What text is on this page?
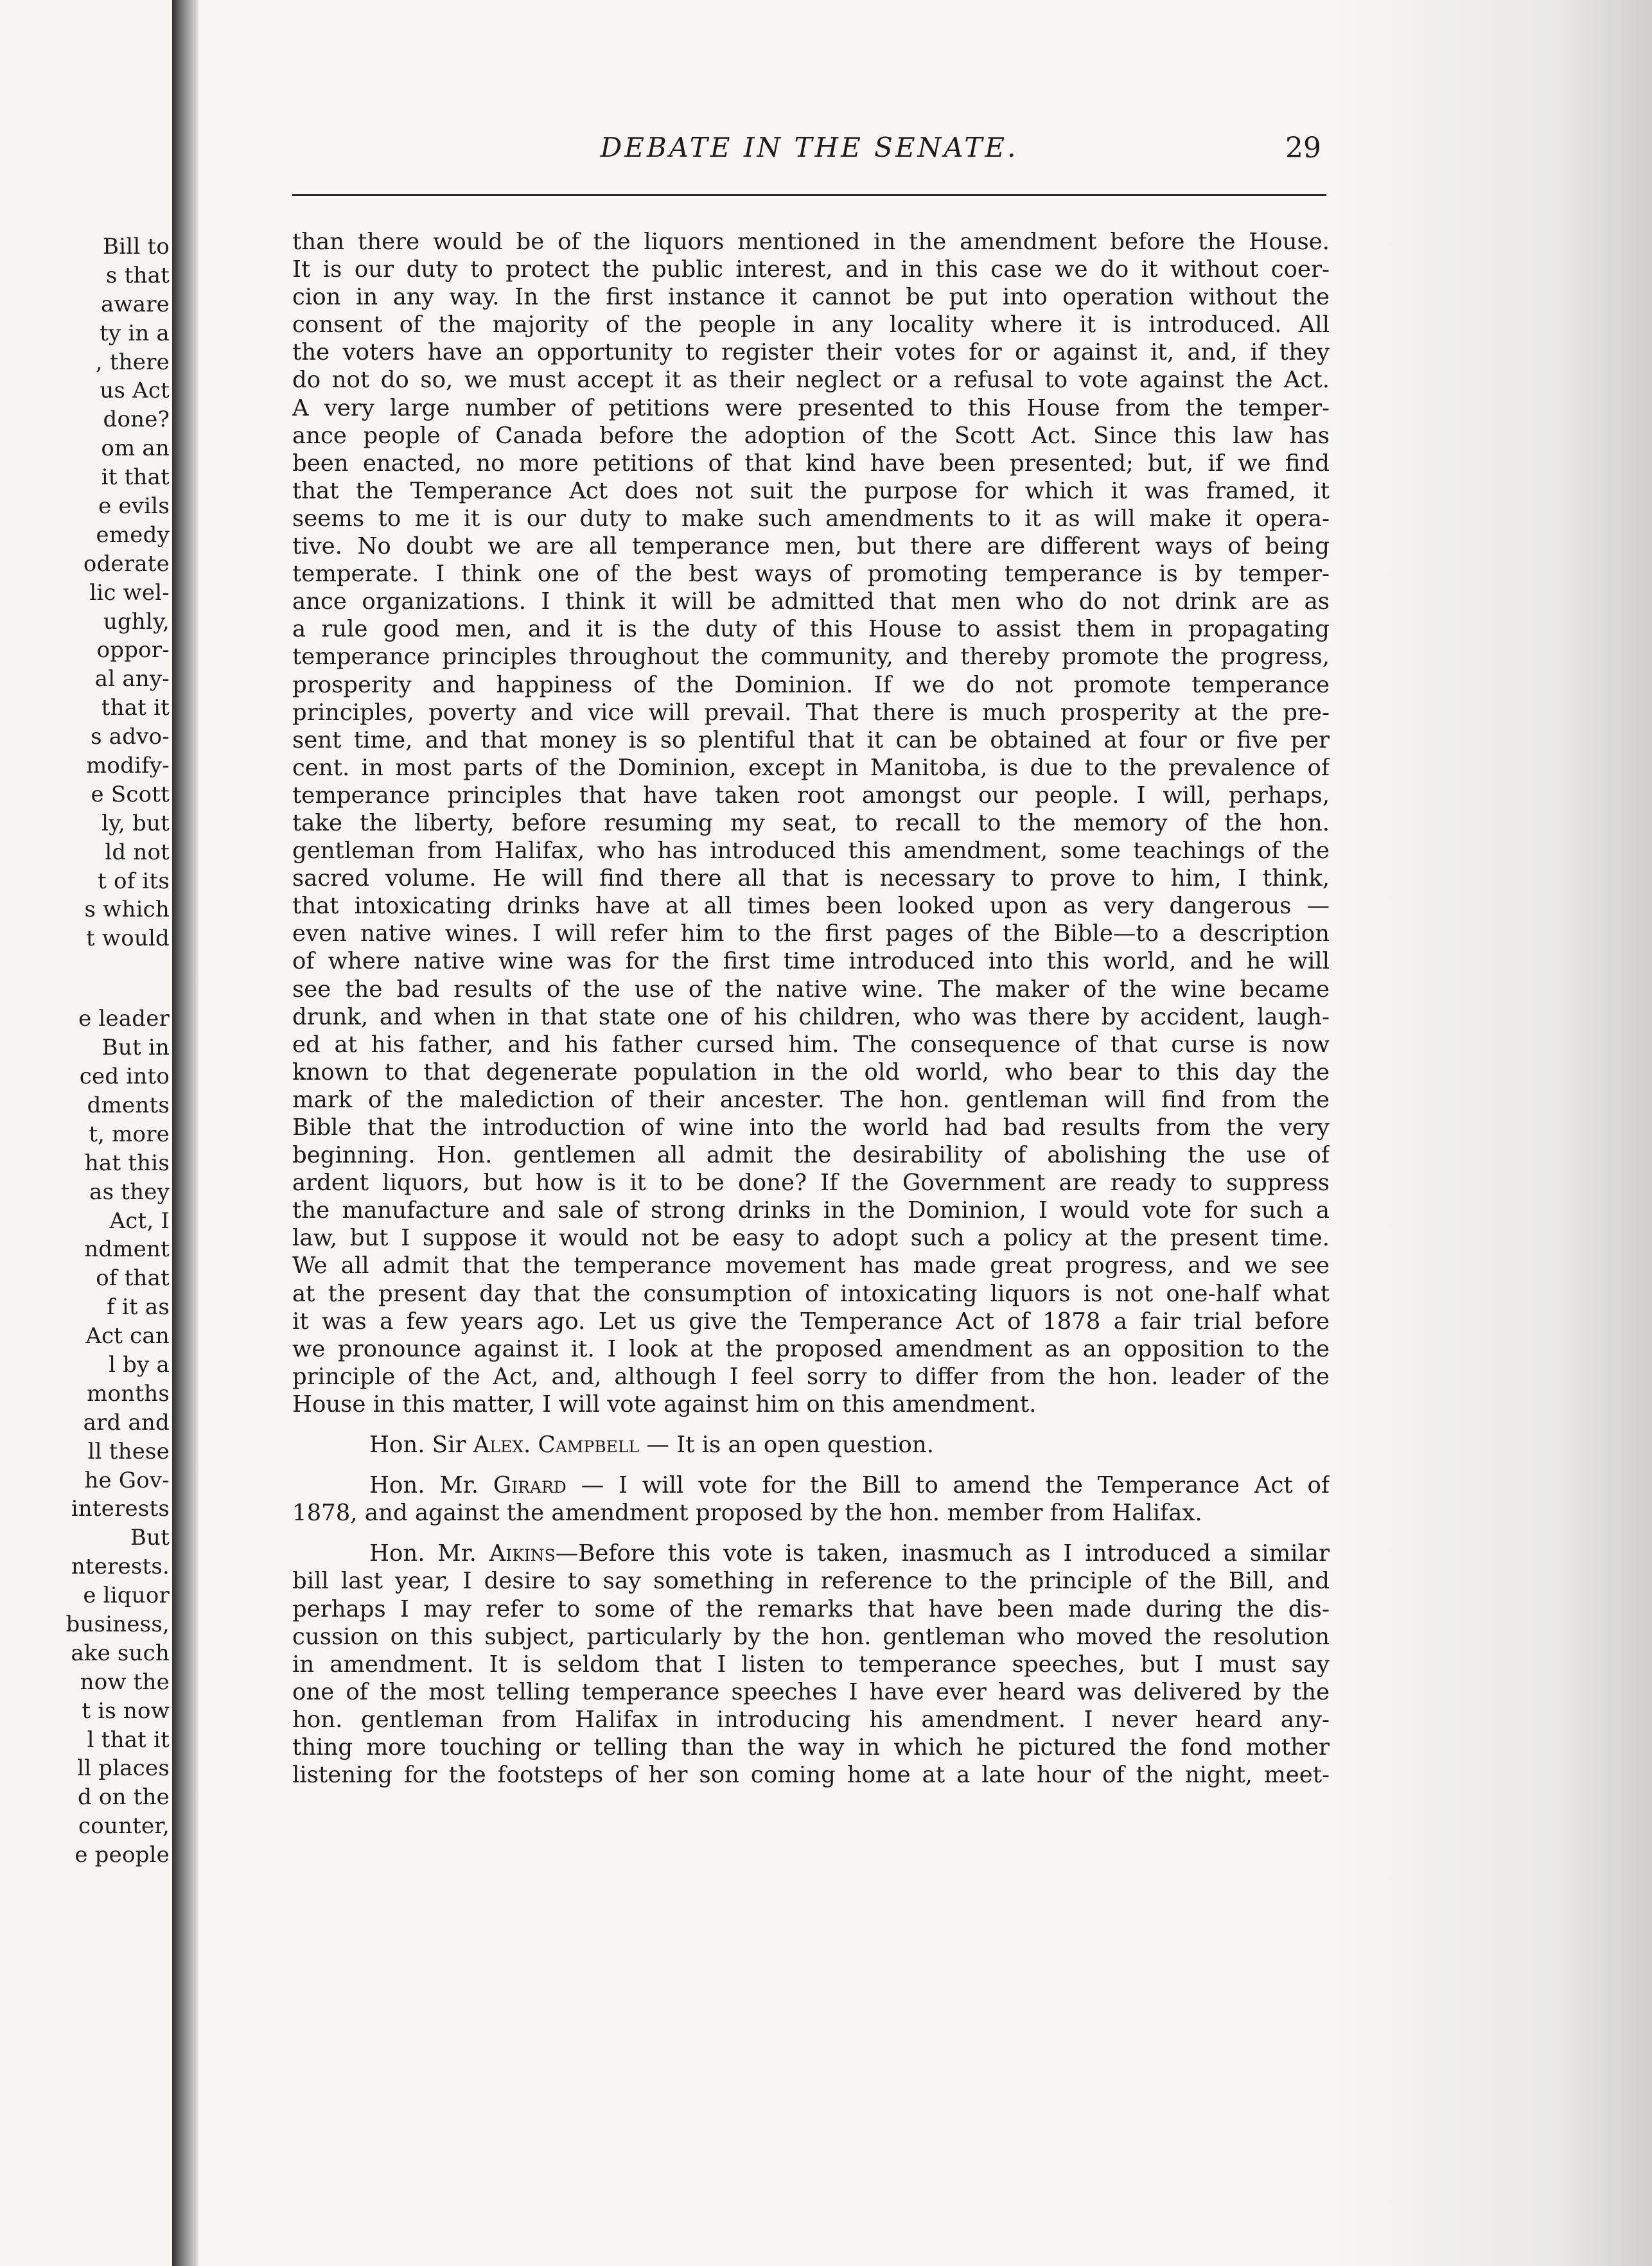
Bill to
s that
aware
ty in a
, there
us Act
done?
om an
it that
e evils
emedy
oderate
lic wel-
ughly,
oppor-
al any-
that it
s advo-
modify-
e Scott
ly, but
ld not
t of its
s which
t would
e leader
But in
ced into
dments
t, more
hat this
as they
Act, I
ndment
of that
f it as
Act can
l by a
months
ard and
ll these
he Gov-
interests
But
nterests.
e liquor
business,
ake such
now the
t is now
l that it
ll places
d on the
counter,
e people
DEBATE IN THE SENATE.	29
than there would be of the liquors mentioned in the amendment before the House.
It is our duty to protect the public interest, and in this case we do it without coer-
cion in any way. In the first instance it cannot be put into operation without the
consent of the majority of the people in any locality where it is introduced. All
the voters have an opportunity to register their votes for or against it, and, if they
do not do so, we must accept it as their neglect or a refusal to vote against the Act.
A very large number of petitions were presented to this House from the temper-
ance people of Canada before the adoption of the Scott Act. Since this law has
been enacted, no more petitions of that kind have been presented; but, if we find
that the Temperance Act does not suit the purpose for which it was framed, it
seems to me it is our duty to make such amendments to it as will make it opera-
tive. No doubt we are all temperance men, but there are different ways of being
temperate. I think one of the best ways of promoting temperance is by temper-
ance organizations. I think it will be admitted that men who do not drink are as
a rule good men, and it is the duty of this House to assist them in propagating
temperance principles throughout the community, and thereby promote the progress,
prosperity and happiness of the Dominion. If we do not promote temperance
principles, poverty and vice will prevail. That there is much prosperity at the pre-
sent time, and that money is so plentiful that it can be obtained at four or five per
cent. in most parts of the Dominion, except in Manitoba, is due to the prevalence of
temperance principles that have taken root amongst our people. I will, perhaps,
take the liberty, before resuming my seat, to recall to the memory of the hon.
gentleman from Halifax, who has introduced this amendment, some teachings of the
sacred volume. He will find there all that is necessary to prove to him, I think,
that intoxicating drinks have at all times been looked upon as very dangerous —
even native wines. I will refer him to the first pages of the Bible—to a description
of where native wine was for the first time introduced into this world, and he will
see the bad results of the use of the native wine. The maker of the wine became
drunk, and when in that state one of his children, who was there by accident, laugh-
ed at his father, and his father cursed him. The consequence of that curse is now
known to that degenerate population in the old world, who bear to this day the
mark of the malediction of their ancester. The hon. gentleman will find from the
Bible that the introduction of wine into the world had bad results from the very
beginning. Hon. gentlemen all admit the desirability of abolishing the use of
ardent liquors, but how is it to be done? If the Government are ready to suppress
the manufacture and sale of strong drinks in the Dominion, I would vote for such a
law, but I suppose it would not be easy to adopt such a policy at the present time.
We all admit that the temperance movement has made great progress, and we see
at the present day that the consumption of intoxicating liquors is not one-half what
it was a few years ago. Let us give the Temperance Act of 1878 a fair trial before
we pronounce against it. I look at the proposed amendment as an opposition to the
principle of the Act, and, although I feel sorry to differ from the hon. leader of the
House in this matter, I will vote against him on this amendment.
Hon. Sir Alex. Campbell — It is an open question.
Hon. Mr. Girard — I will vote for the Bill to amend the Temperance Act of
1878, and against the amendment proposed by the hon. member from Halifax.
Hon. Mr. Aikins—Before this vote is taken, inasmuch as I introduced a similar
bill last year, I desire to say something in reference to the principle of the Bill, and
perhaps I may refer to some of the remarks that have been made during the dis-
cussion on this subject, particularly by the hon. gentleman who moved the resolution
in amendment. It is seldom that I listen to temperance speeches, but I must say
one of the most telling temperance speeches I have ever heard was delivered by the
hon. gentleman from Halifax in introducing his amendment. I never heard any-
thing more touching or telling than the way in which he pictured the fond mother
listening for the footsteps of her son coming home at a late hour of the night, meet-
